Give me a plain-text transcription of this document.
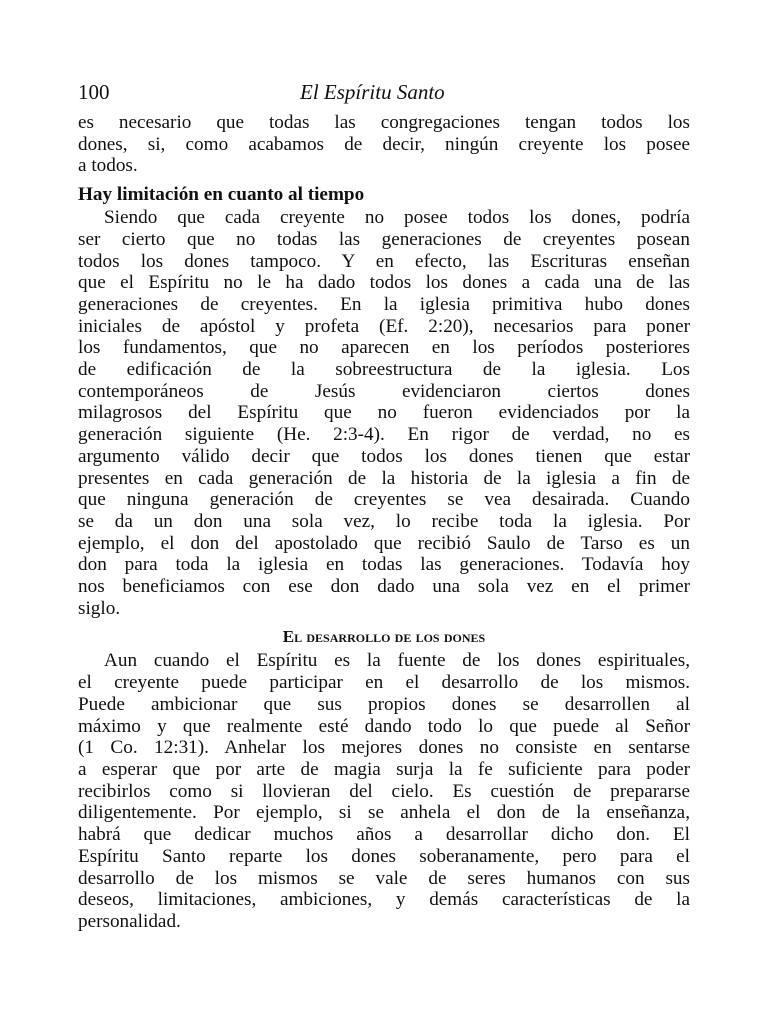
100	El Espíritu Santo
es necesario que todas las congregaciones tengan todos los
dones, si, como acabamos de decir, ningún creyente los posee
a todos.
Hay limitación en cuanto al tiempo
Siendo que cada creyente no posee todos los dones, podría
ser cierto que no todas las generaciones de creyentes posean
todos los dones tampoco. Y en efecto, las Escrituras enseñan
que el Espíritu no le ha dado todos los dones a cada una de las
generaciones de creyentes. En la iglesia primitiva hubo dones
iniciales de apóstol y profeta (Ef. 2:20), necesarios para poner
los fundamentos, que no aparecen en los períodos posteriores
de edificación de la sobreestructura de la iglesia. Los
contemporáneos de Jesús evidenciaron ciertos dones
milagrosos del Espíritu que no fueron evidenciados por la
generación siguiente (He. 2:3-4). En rigor de verdad, no es
argumento válido decir que todos los dones tienen que estar
presentes en cada generación de la historia de la iglesia a fin de
que ninguna generación de creyentes se vea desairada. Cuando
se da un don una sola vez, lo recibe toda la iglesia. Por
ejemplo, el don del apostolado que recibió Saulo de Tarso es un
don para toda la iglesia en todas las generaciones. Todavía hoy
nos beneficiamos con ese don dado una sola vez en el primer
siglo.
El desarrollo de los dones
Aun cuando el Espíritu es la fuente de los dones espirituales,
el creyente puede participar en el desarrollo de los mismos.
Puede ambicionar que sus propios dones se desarrollen al
máximo y que realmente esté dando todo lo que puede al Señor
(1 Co. 12:31). Anhelar los mejores dones no consiste en sentarse
a esperar que por arte de magia surja la fe suficiente para poder
recibirlos como si llovieran del cielo. Es cuestión de prepararse
diligentemente. Por ejemplo, si se anhela el don de la enseñanza,
habrá que dedicar muchos años a desarrollar dicho don. El
Espíritu Santo reparte los dones soberanamente, pero para el
desarrollo de los mismos se vale de seres humanos con sus
deseos, limitaciones, ambiciones, y demás características de la
personalidad.
